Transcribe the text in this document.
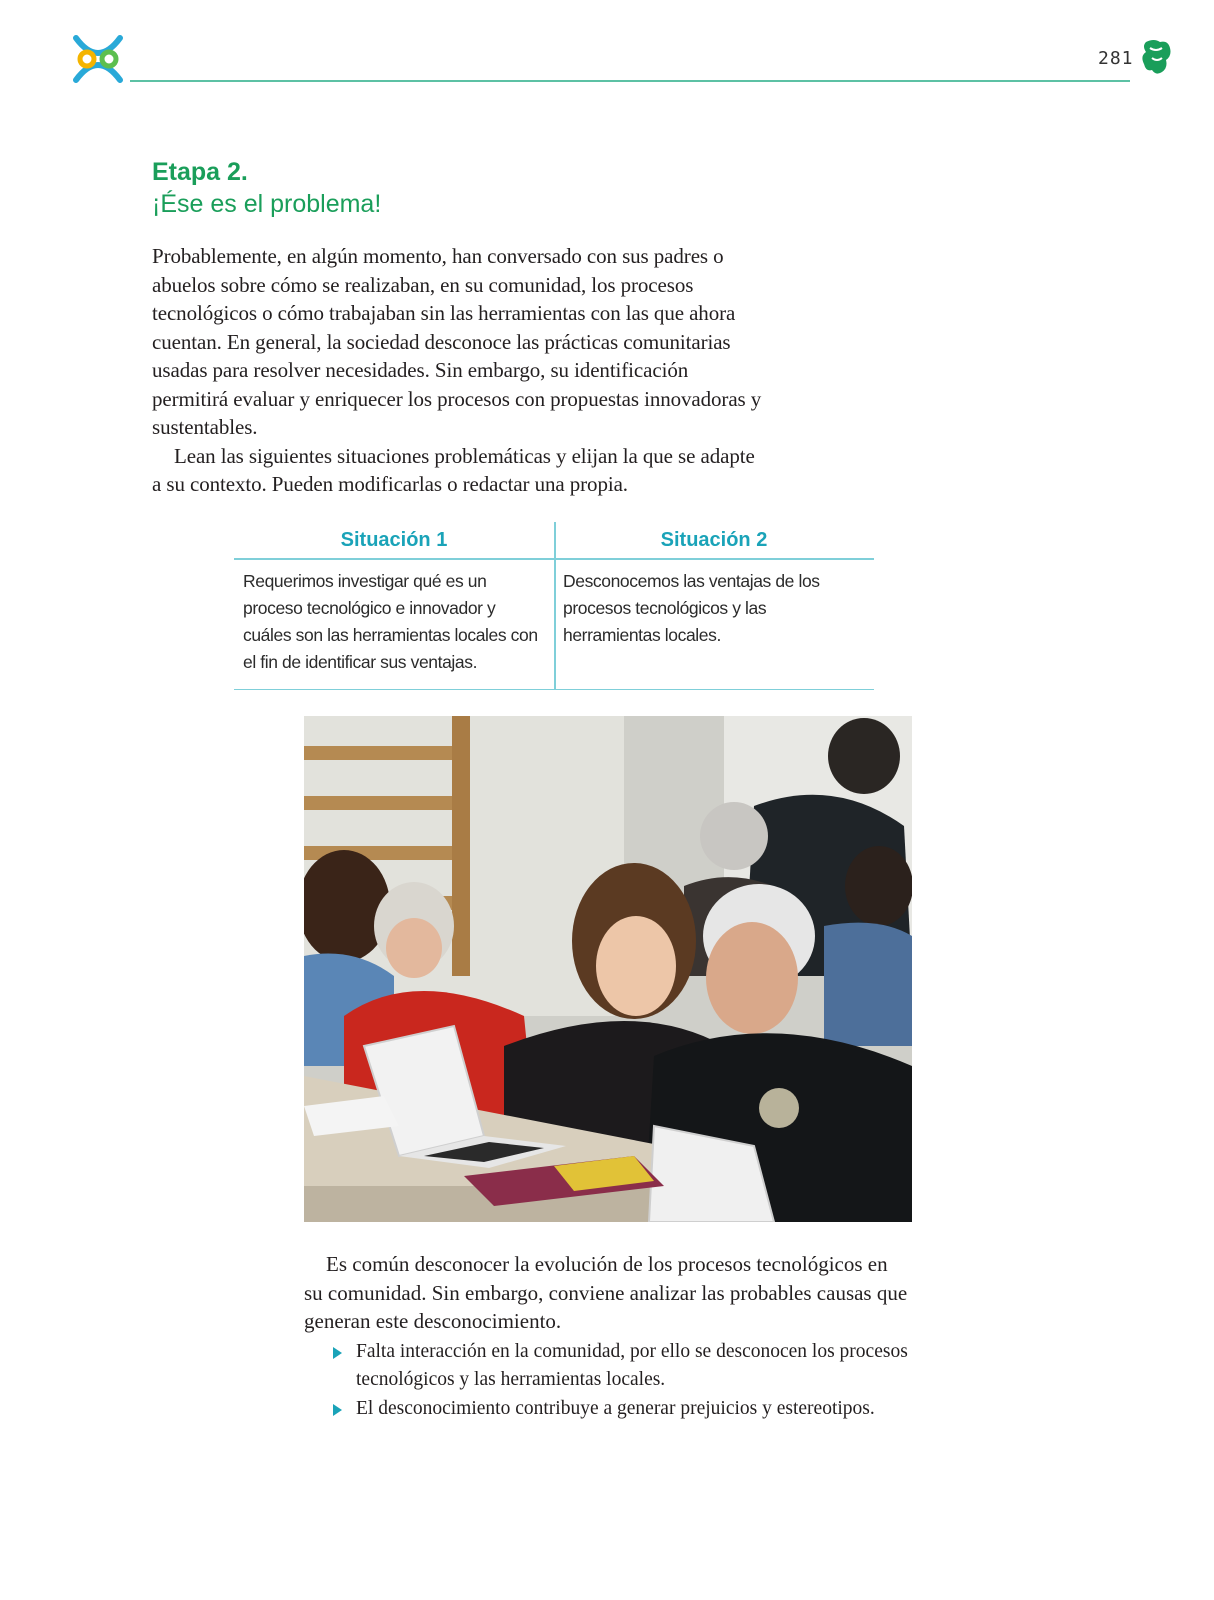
281
Etapa 2.
¡Ése es el problema!

Probablemente, en algún momento, han conversado con sus padres o abuelos sobre cómo se realizaban, en su comunidad, los procesos tecnológicos o cómo trabajaban sin las herramientas con las que ahora cuentan. En general, la sociedad desconoce las prácticas comunitarias usadas para resolver necesidades. Sin embargo, su identificación permitirá evaluar y enriquecer los procesos con propuestas innovadoras y sustentables.

Lean las siguientes situaciones problemáticas y elijan la que se adapte a su contexto. Pueden modificarlas o redactar una propia.

Situación 1
Requerimos investigar qué es un proceso tecnológico e innovador y cuáles son las herramientas locales con el fin de identificar sus ventajas.
Situación 2
Desconocemos las ventajas de los procesos tecnológicos y las herramientas locales.

Es común desconocer la evolución de los procesos tecnológicos en su comunidad. Sin embargo, conviene analizar las probables causas que generan este desconocimiento.

Falta interacción en la comunidad, por ello se desconocen los procesos tecnológicos y las herramientas locales.
El desconocimiento contribuye a generar prejuicios y estereotipos.
